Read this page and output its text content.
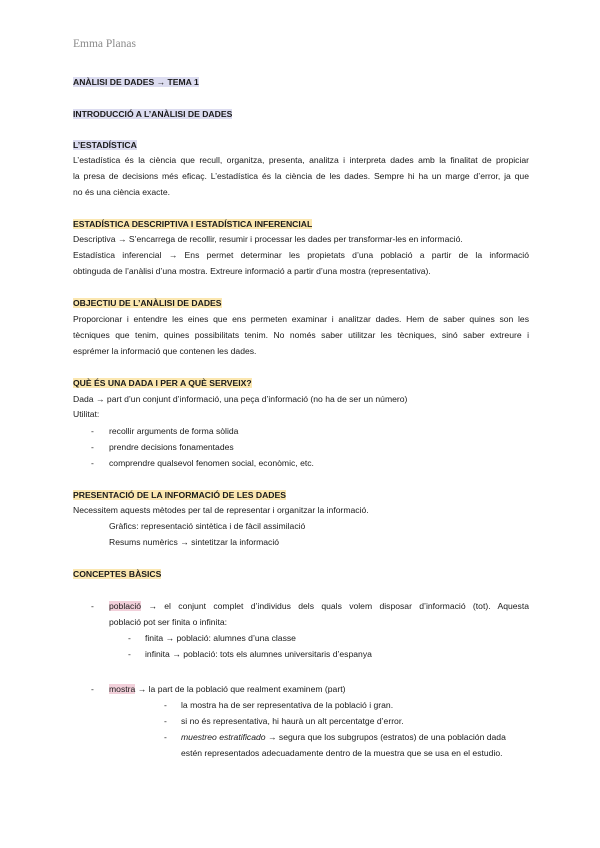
Emma Planas
ANÀLISI DE DADES → TEMA 1
INTRODUCCIÓ A L’ANÀLISI DE DADES
L’ESTADÍSTICA
L’estadística és la ciència que recull, organitza, presenta, analitza i interpreta dades amb la finalitat de propiciar
la presa de decisions més eficaç. L’estadística és la ciència de les dades. Sempre hi ha un marge d’error, ja que
no és una ciència exacte.
ESTADÍSTICA DESCRIPTIVA I ESTADÍSTICA INFERENCIAL
Descriptiva → S’encarrega de recollir, resumir i processar les dades per transformar-les en informació.
Estadística inferencial → Ens permet determinar les propietats d’una població a partir de la informació
obtinguda de l’anàlisi d’una mostra. Extreure informació a partir d’una mostra (representativa).
OBJECTIU DE L’ANÀLISI DE DADES
Proporcionar i entendre les eines que ens permeten examinar i analitzar dades. Hem de saber quines son les
tècniques que tenim, quines possibilitats tenim. No només saber utilitzar les tècniques, sinó saber extreure i
esprémer la informació que contenen les dades.
QUÈ ÉS UNA DADA I PER A QUÈ SERVEIX?
Dada → part d’un conjunt d’informació, una peça d’informació (no ha de ser un número)
Utilitat:
- recollir arguments de forma sòlida
- prendre decisions fonamentades
- comprendre qualsevol fenomen social, econòmic, etc.
PRESENTACIÓ DE LA INFORMACIÓ DE LES DADES
Necessitem aquests mètodes per tal de representar i organitzar la informació.
Gràfics: representació sintètica i de fàcil assimilació
Resums numèrics → sintetitzar la informació
CONCEPTES BÀSICS
- població → el conjunt complet d’individus dels quals volem disposar d’informació (tot). Aquesta
població pot ser finita o infinita:
- finita → població: alumnes d’una classe
- infinita → població: tots els alumnes universitaris d’espanya
- mostra → la part de la població que realment examinem (part)
- la mostra ha de ser representativa de la població i gran.
- si no és representativa, hi haurà un alt percentatge d’error.
- muestreo estratificado → segura que los subgrupos (estratos) de una población dada
estén representados adecuadamente dentro de la muestra que se usa en el estudio.
